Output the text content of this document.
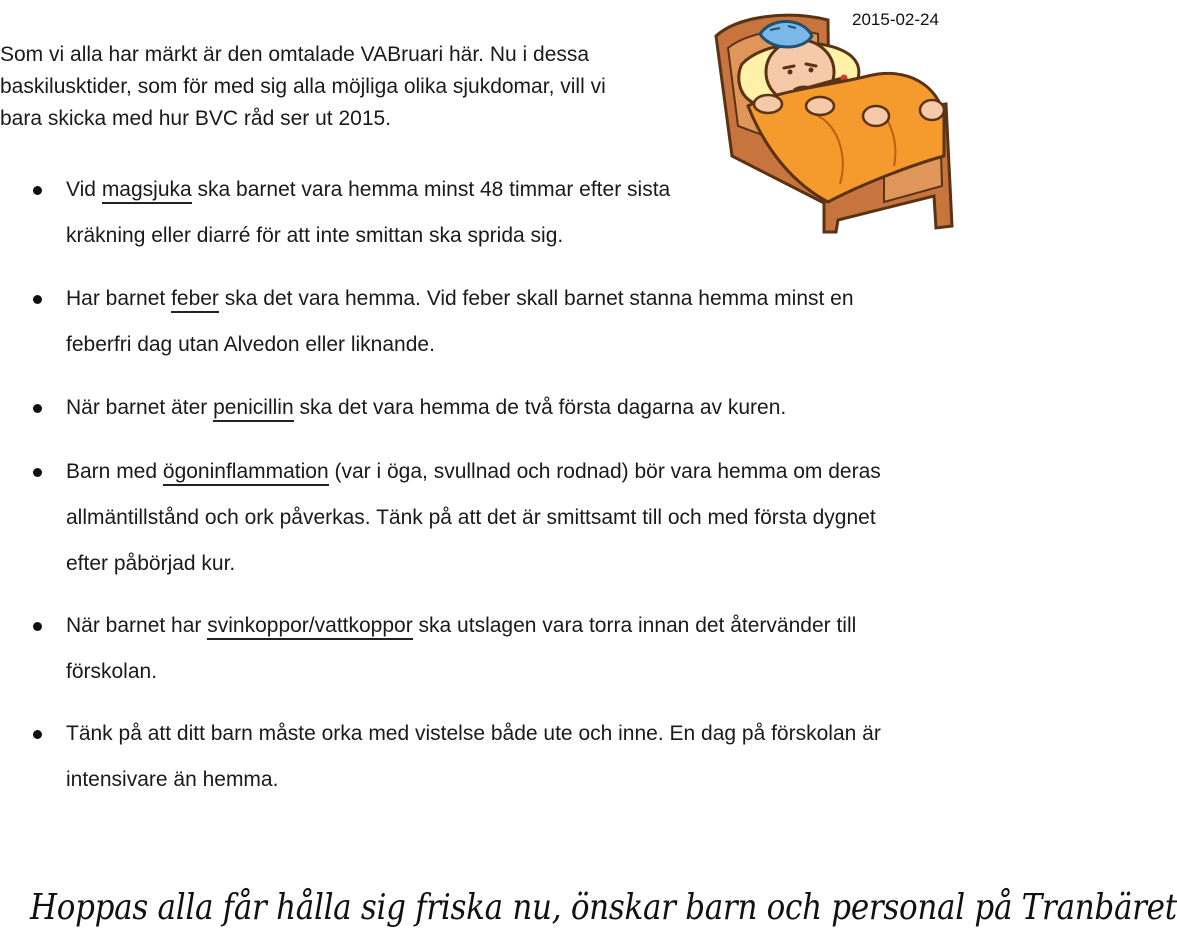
2015-02-24
Som vi alla har märkt är den omtalade VABruari här. Nu i dessa
baskilusktider, som för med sig alla möjliga olika sjukdomar, vill vi
bara skicka med hur BVC råd ser ut 2015.
Vid magsjuka ska barnet vara hemma minst 48 timmar efter sista
kräkning eller diarré för att inte smittan ska sprida sig.
Har barnet feber ska det vara hemma. Vid feber skall barnet stanna hemma minst en
feberfri dag utan Alvedon eller liknande.
När barnet äter penicillin ska det vara hemma de två första dagarna av kuren.
Barn med ögoninflammation (var i öga, svullnad och rodnad) bör vara hemma om deras
allmäntillstånd och ork påverkas. Tänk på att det är smittsamt till och med första dygnet
efter påbörjad kur.
När barnet har svinkoppor/vattkoppor ska utslagen vara torra innan det återvänder till
förskolan.
Tänk på att ditt barn måste orka med vistelse både ute och inne. En dag på förskolan är
intensivare än hemma.
Hoppas alla får hålla sig friska nu, önskar barn och personal på Tranbäret
